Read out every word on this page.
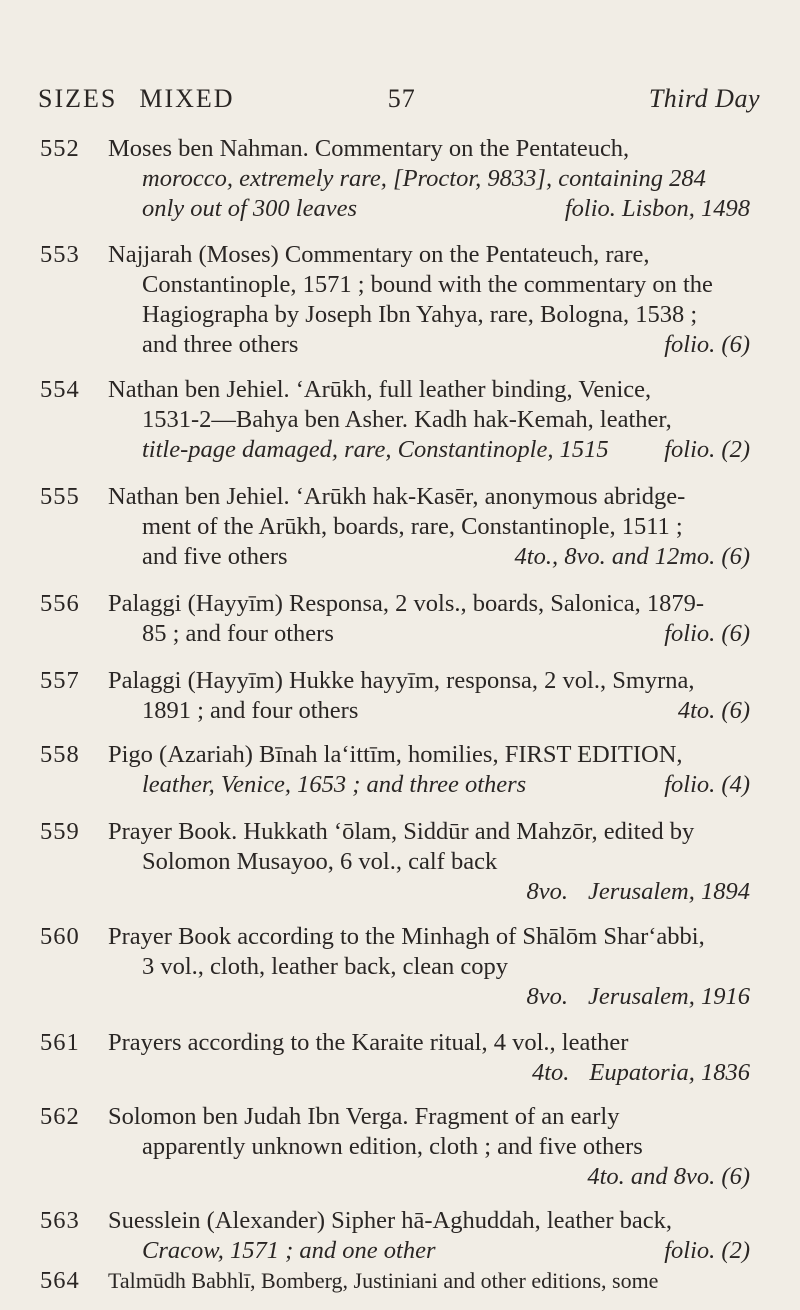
SIZES MIXED	57	Third Day
552	Moses ben Nahman. Commentary on the Pentateuch,
morocco, extremely rare, [Proctor, 9833], containing 284
only out of 300 leaves	folio. Lisbon, 1498
553	Najjarah (Moses) Commentary on the Pentateuch, rare,
Constantinople, 1571 ; bound with the commentary on the
Hagiographa by Joseph Ibn Yahya, rare, Bologna, 1538 ;
and three others	folio. (6)
554	Nathan ben Jehiel. ‘Arūkh, full leather binding, Venice,
1531-2—Bahya ben Asher. Kadh hak-Kemah, leather,
title-page damaged, rare, Constantinople, 1515 folio. (2)
555	Nathan ben Jehiel. ‘Arūkh hak-Kasēr, anonymous abridge-
ment of the Arūkh, boards, rare, Constantinople, 1511 ;
and five others	4to., 8vo. and 12mo. (6)
556	Palaggi (Hayyīm) Responsa, 2 vols., boards, Salonica, 1879-
85 ; and four others	folio. (6)
557	Palaggi (Hayyīm) Hukke hayyīm, responsa, 2 vol., Smyrna,
1891 ; and four others	4to. (6)
558	Pigo (Azariah) Bīnah la‘ittīm, homilies, FIRST EDITION,
leather, Venice, 1653 ; and three others	folio. (4)
559	Prayer Book. Hukkath ‘ōlam, Siddūr and Mahzōr, edited by
Solomon Musayoo, 6 vol., calf back
8vo. Jerusalem, 1894
560	Prayer Book according to the Minhagh of Shālōm Shar‘abbi,
3 vol., cloth, leather back, clean copy
8vo. Jerusalem, 1916
561	Prayers according to the Karaite ritual, 4 vol., leather
4to. Eupatoria, 1836
562	Solomon ben Judah Ibn Verga. Fragment of an early
apparently unknown edition, cloth ; and five others
4to. and 8vo. (6)
563	Suesslein (Alexander) Sipher hā-Aghuddah, leather back,
Cracow, 1571 ; and one other	folio. (2)
564	Talmūdh Babhlī, Bomberg, Justiniani and other editions, some
